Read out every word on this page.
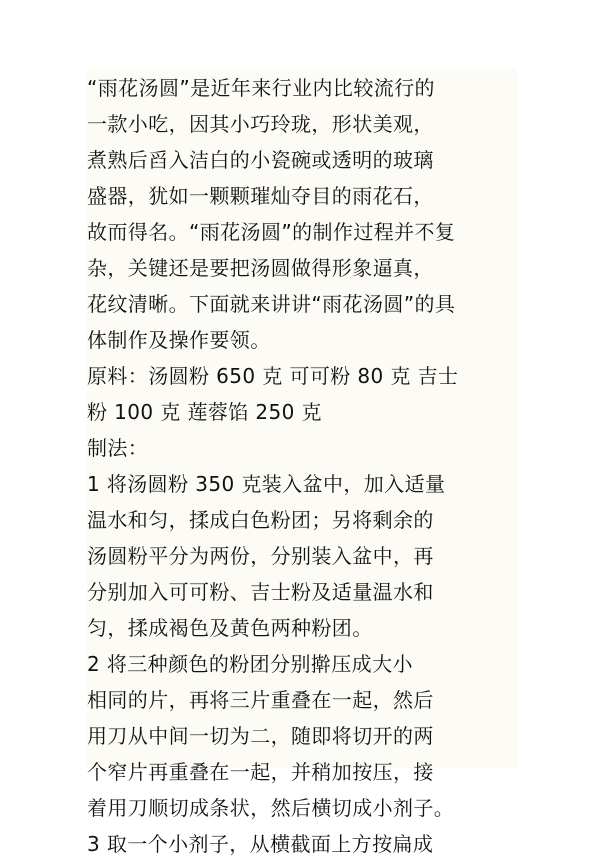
“雨花汤圆”是近年来行业内比较流行的
一款小吃，因其小巧玲珑，形状美观，
煮熟后舀入洁白的小瓷碗或透明的玻璃
盛器，犹如一颗颗璀灿夺目的雨花石，
故而得名。“雨花汤圆”的制作过程并不复
杂，关键还是要把汤圆做得形象逼真，
花纹清晰。下面就来讲讲“雨花汤圆”的具
体制作及操作要领。
原料：汤圆粉 650 克 可可粉 80 克 吉士
粉 100 克 莲蓉馅 250 克
制法：
1 将汤圆粉 350 克装入盆中，加入适量
温水和匀，揉成白色粉团；另将剩余的
汤圆粉平分为两份，分别装入盆中，再
分别加入可可粉、吉士粉及适量温水和
匀，揉成褐色及黄色两种粉团。
2 将三种颜色的粉团分别擀压成大小
相同的片，再将三片重叠在一起，然后
用刀从中间一切为二，随即将切开的两
个窄片再重叠在一起，并稍加按压，接
着用刀顺切成条状，然后横切成小剂子。
3 取一个小剂子，从横截面上方按扁成
